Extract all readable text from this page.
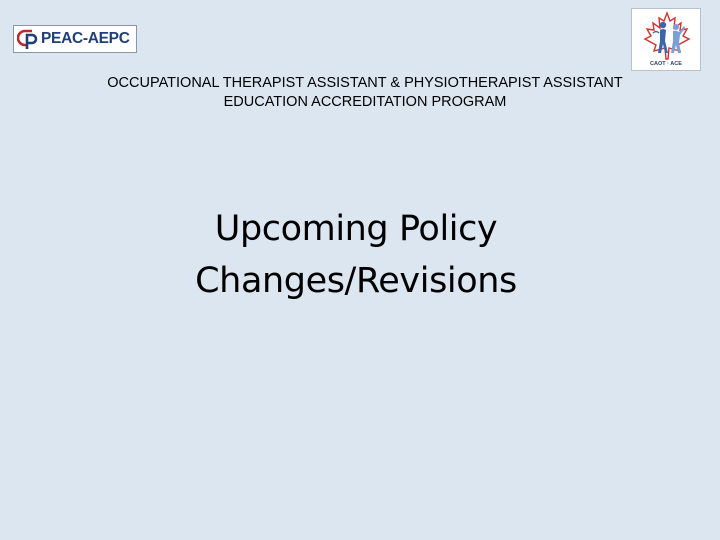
PEAC-AEPC
CAOT · ACE
OCCUPATIONAL THERAPIST ASSISTANT & PHYSIOTHERAPIST ASSISTANT
EDUCATION ACCREDITATION PROGRAM
Upcoming Policy
Changes/Revisions
